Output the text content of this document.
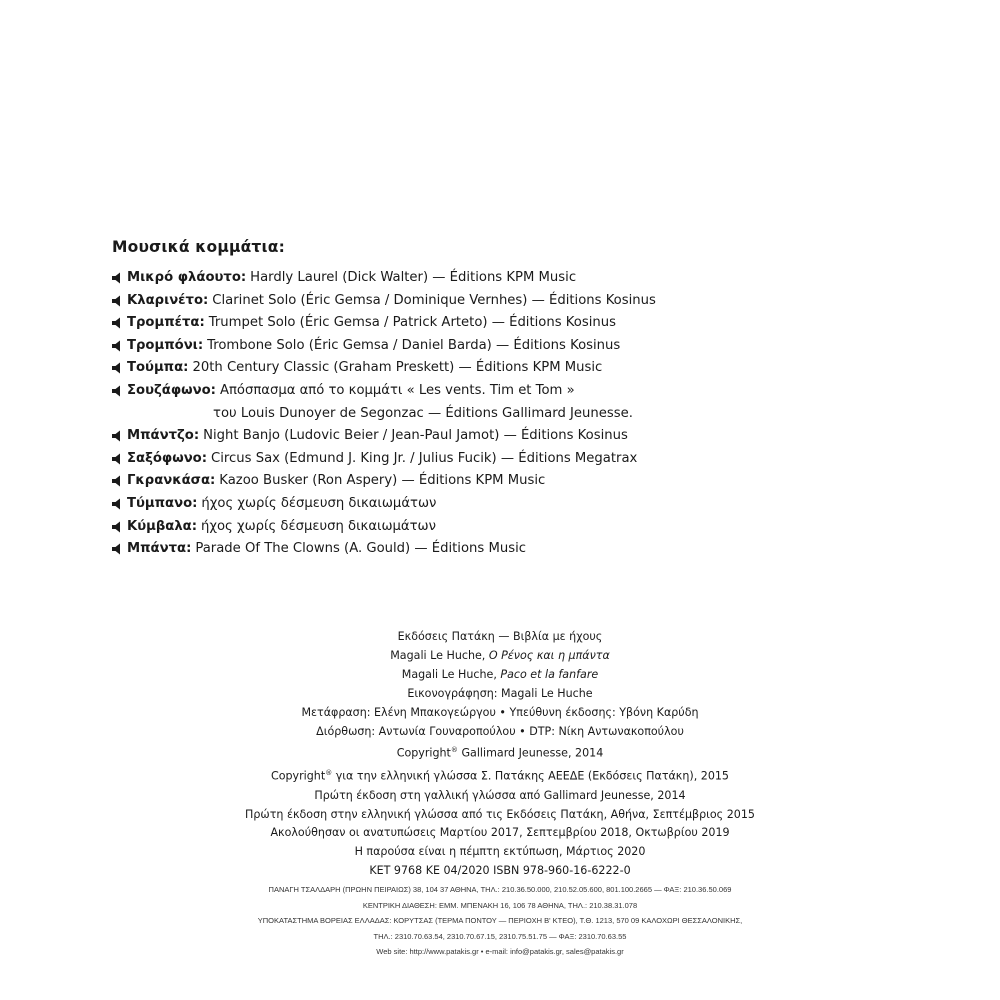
Μουσικά κομμάτια:
Μικρό φλάουτο : Hardly Laurel (Dick Walter) — Éditions KPM Music
Κλαρινέτο : Clarinet Solo (Éric Gemsa / Dominique Vernhes) — Éditions Kosinus
Τρομπέτα : Trumpet Solo (Éric Gemsa / Patrick Arteto) — Éditions Kosinus
Τρομπόνι : Trombone Solo (Éric Gemsa / Daniel Barda) — Éditions Kosinus
Τούμπα : 20th Century Classic (Graham Preskett) — Éditions KPM Music
Σουζάφωνο : Απόσπασμα από το κομμάτι « Les vents. Tim et Tom »
του Louis Dunoyer de Segonzac — Éditions Gallimard Jeunesse.
Μπάντζο : Night Banjo (Ludovic Beier / Jean-Paul Jamot) — Éditions Kosinus
Σαξόφωνο : Circus Sax (Edmund J. King Jr. / Julius Fucik) — Éditions Megatrax
Γκρανκάσα : Kazoo Busker (Ron Aspery) — Éditions KPM Music
Τύμπανο : ήχος χωρίς δέσμευση δικαιωμάτων
Κύμβαλα : ήχος χωρίς δέσμευση δικαιωμάτων
Μπάντα : Parade Of The Clowns (A. Gould) — Éditions Music
Εκδόσεις Πατάκη — Βιβλία με ήχους
Magali Le Huche, Ο Ρένος και η μπάντα
Magali Le Huche, Paco et la fanfare
Εικονογράφηση: Magali Le Huche
Μετάφραση: Ελένη Μπακογεώργου • Υπεύθυνη έκδοσης: Υβόνη Καρύδη
Διόρθωση: Αντωνία Γουναροπούλου • DTP: Νίκη Αντωνακοπούλου
Copyright® Gallimard Jeunesse, 2014
Copyright® για την ελληνική γλώσσα Σ. Πατάκης ΑΕΕΔΕ (Εκδόσεις Πατάκη), 2015
Πρώτη έκδοση στη γαλλική γλώσσα από Gallimard Jeunesse, 2014
Πρώτη έκδοση στην ελληνική γλώσσα από τις Εκδόσεις Πατάκη, Αθήνα, Σεπτέμβριος 2015
Ακολούθησαν οι ανατυπώσεις Μαρτίου 2017, Σεπτεμβρίου 2018, Οκτωβρίου 2019
Η παρούσα είναι η πέμπτη εκτύπωση, Μάρτιος 2020
ΚΕΤ 9768 ΚΕ 04/2020 ISBN 978-960-16-6222-0
ΠΑΝΑΓΗ ΤΣΑΛΔΑΡΗ (ΠΡΩΗΝ ΠΕΙΡΑΙΩΣ) 38, 104 37 ΑΘΗΝΑ, ΤΗΛ.: 210.36.50.000, 210.52.05.600, 801.100.2665 — ΦΑΞ: 210.36.50.069
ΚΕΝΤΡΙΚΗ ΔΙΑΘΕΣΗ: ΕΜΜ. ΜΠΕΝΑΚΗ 16, 106 78 ΑΘΗΝΑ, ΤΗΛ.: 210.38.31.078
ΥΠΟΚΑΤΑΣΤΗΜΑ ΒΟΡΕΙΑΣ ΕΛΛΑΔΑΣ: ΚΟΡΥΤΣΑΣ (ΤΕΡΜΑ ΠΟΝΤΟΥ — ΠΕΡΙΟΧΗ Β' ΚΤΕΟ), Τ.Θ. 1213, 570 09 ΚΑΛΟΧΩΡΙ ΘΕΣΣΑΛΟΝΙΚΗΣ,
ΤΗΛ.: 2310.70.63.54, 2310.70.67.15, 2310.75.51.75 — ΦΑΞ: 2310.70.63.55
Web site: http://www.patakis.gr • e-mail: info@patakis.gr, sales@patakis.gr
